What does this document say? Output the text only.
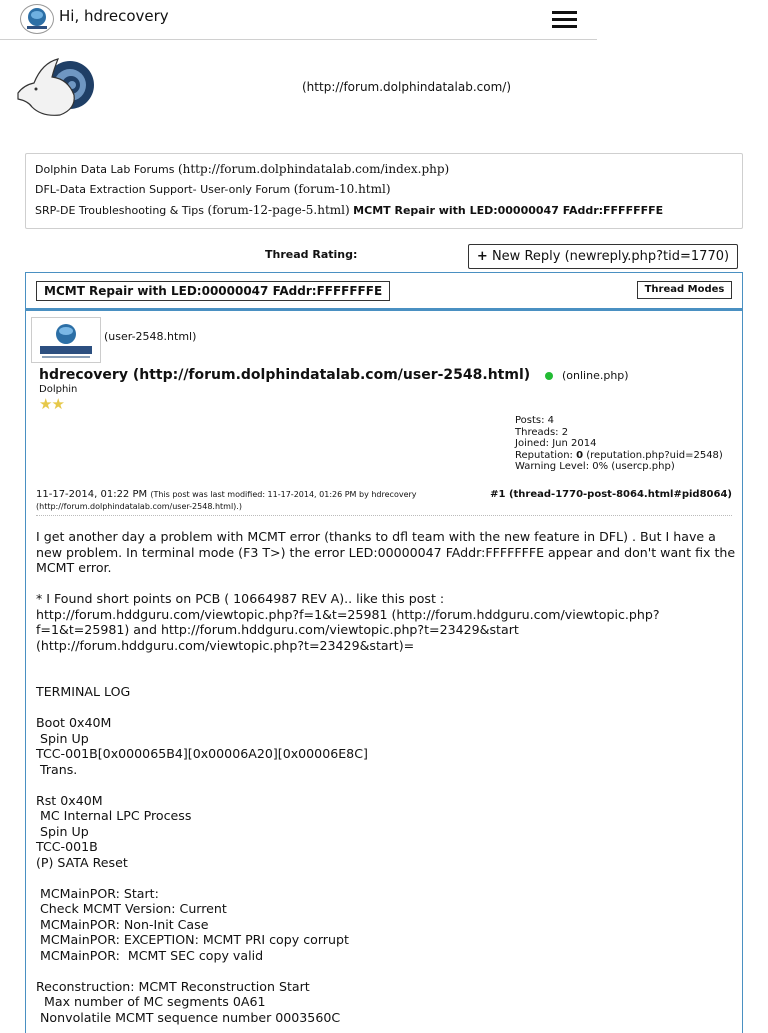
Hi, hdrecovery
(http://forum.dolphindatalab.com/)
Dolphin Data Lab Forums (http://forum.dolphindatalab.com/index.php)
DFL-Data Extraction Support- User-only Forum (forum-10.html)
SRP-DE Troubleshooting & Tips (forum-12-page-5.html) MCMT Repair with LED:00000047 FAddr:FFFFFFFE
Thread Rating:	+ New Reply (newreply.php?tid=1770)
MCMT Repair with LED:00000047 FAddr:FFFFFFFE	Thread Modes
(user-2548.html)
hdrecovery (http://forum.dolphindatalab.com/user-2548.html)	(online.php)
Dolphin
★★
Posts: 4
Threads: 2
Joined: Jun 2014
Reputation: 0 (reputation.php?uid=2548)
Warning Level: 0% (usercp.php)
11-17-2014, 01:22 PM (This post was last modified: 11-17-2014, 01:26 PM by hdrecovery (http://forum.dolphindatalab.com/user-2548.html).)
#1 (thread-1770-post-8064.html#pid8064)
I get another day a problem with MCMT error (thanks to dfl team with the new feature in DFL) . But I have a new problem. In terminal mode (F3 T>) the error LED:00000047 FAddr:FFFFFFFE appear and don't want fix the MCMT error.

* I Found short points on PCB ( 10664987 REV A).. like this post :
http://forum.hddguru.com/viewtopic.php?f=1&t=25981 (http://forum.hddguru.com/viewtopic.php?f=1&t=25981) and http://forum.hddguru.com/viewtopic.php?t=23429&start (http://forum.hddguru.com/viewtopic.php?t=23429&start)=

TERMINAL LOG

Boot 0x40M
Spin Up
TCC-001B[0x000065B4][0x00006A20][0x00006E8C]
Trans.

Rst 0x40M
MC Internal LPC Process
Spin Up
TCC-001B
(P) SATA Reset

MCMainPOR: Start:
Check MCMT Version: Current
MCMainPOR: Non-Init Case
MCMainPOR: EXCEPTION: MCMT PRI copy corrupt
MCMainPOR:  MCMT SEC copy valid

Reconstruction: MCMT Reconstruction Start
Max number of MC segments 0A61
Nonvolatile MCMT sequence number 0003560C
